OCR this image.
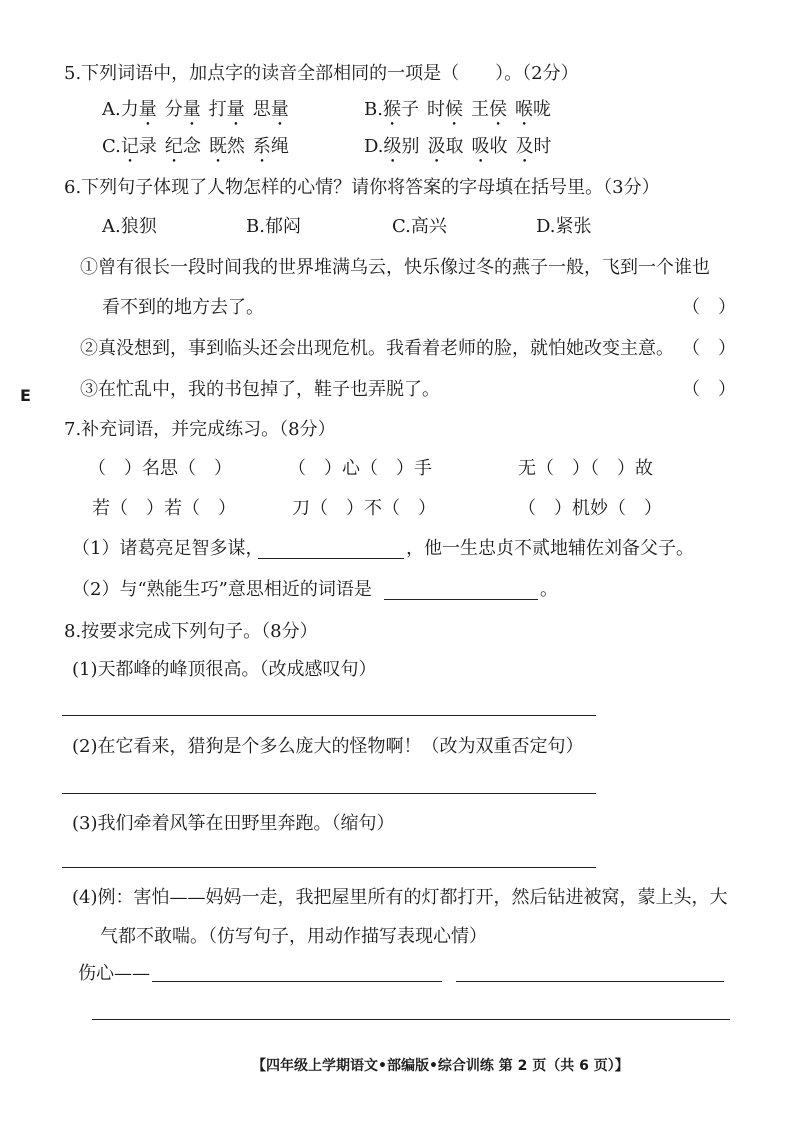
E
5.下列词语中，加点字的读音全部相同的一项是（　　）。（2分）
A.力量 分量 打量 思量	B.猴子 时候 王侯 喉咙
C.记录 纪念 既然 系绳	D.级别 汲取 吸收 及时
6.下列句子体现了人物怎样的心情？请你将答案的字母填在括号里。（3分）
A.狼狈	B.郁闷	C.高兴	D.紧张
①曾有很长一段时间我的世界堆满乌云，快乐像过冬的燕子一般，飞到一个谁也
看不到的地方去了。	（　）
②真没想到，事到临头还会出现危机。我看着老师的脸，就怕她改变主意。 （　）
③在忙乱中，我的书包掉了，鞋子也弄脱了。	（　）
7.补充词语，并完成练习。（8分）
（　）名思（　）	（　）心（　）手	无（　）（　）故
若（　）若（　）	刀（　）不（　）	（　）机妙（　）
（1）诸葛亮足智多谋，	，他一生忠贞不贰地辅佐刘备父子。
（2）与“熟能生巧”意思相近的词语是	。
8.按要求完成下列句子。（8分）
(1)天都峰的峰顶很高。（改成感叹句）
(2)在它看来，猎狗是个多么庞大的怪物啊！（改为双重否定句）
(3)我们牵着风筝在田野里奔跑。（缩句）
(4)例：害怕——妈妈一走，我把屋里所有的灯都打开，然后钻进被窝，蒙上头，大
气都不敢喘。（仿写句子，用动作描写表现心情）
伤心——
【四年级上学期语文•部编版•综合训练 第 2 页（共 6 页）】
